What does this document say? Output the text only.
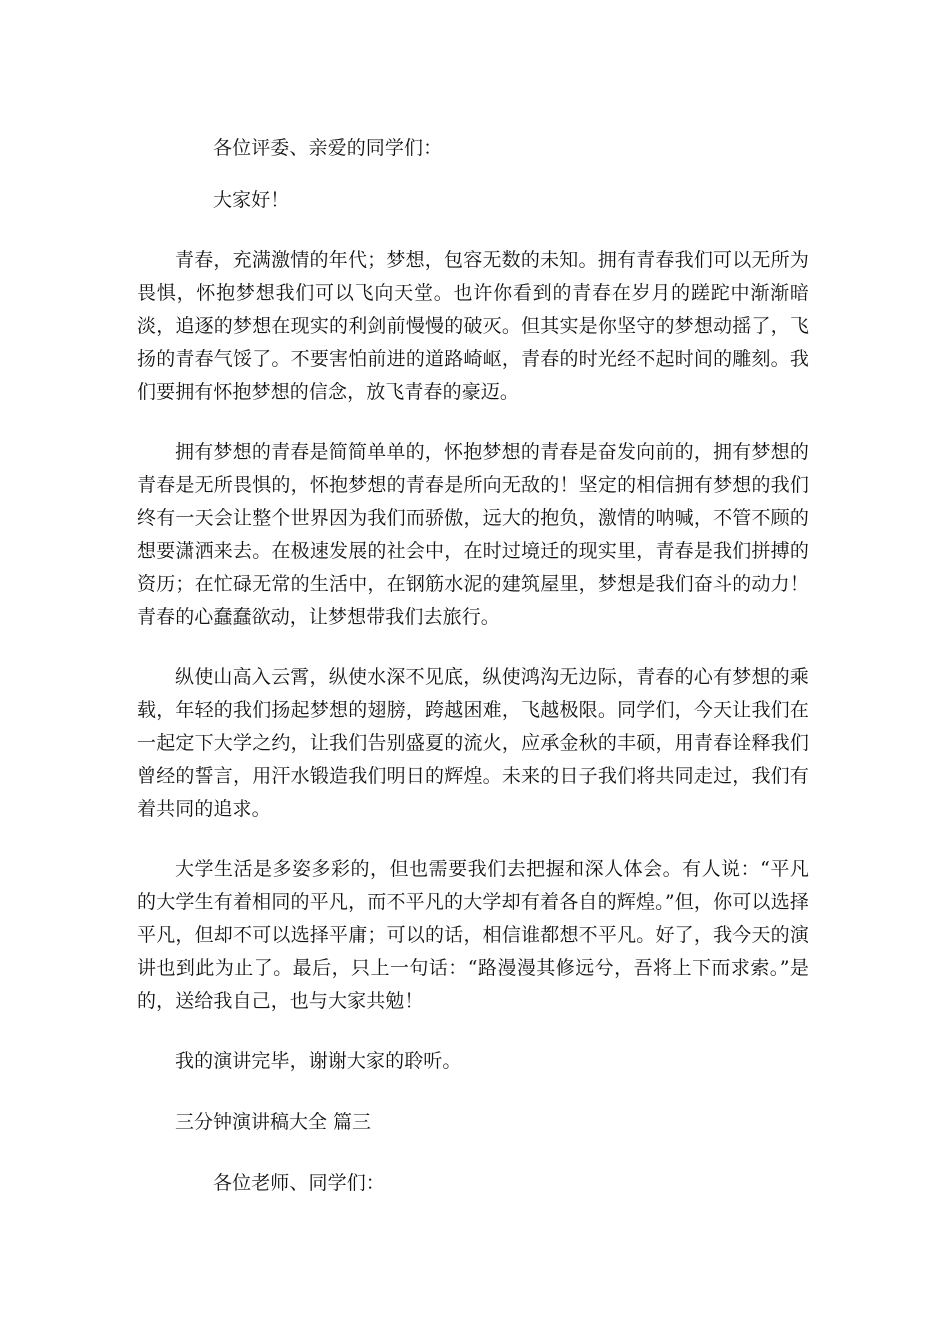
各位评委、亲爱的同学们：

大家好！

青春，充满激情的年代；梦想，包容无数的未知。拥有青春我们可以无所为畏惧，怀抱梦想我们可以飞向天堂。也许你看到的青春在岁月的蹉跎中渐渐暗淡，追逐的梦想在现实的利剑前慢慢的破灭。但其实是你坚守的梦想动摇了，飞扬的青春气馁了。不要害怕前进的道路崎岖，青春的时光经不起时间的雕刻。我们要拥有怀抱梦想的信念，放飞青春的豪迈。

拥有梦想的青春是简简单单的，怀抱梦想的青春是奋发向前的，拥有梦想的青春是无所畏惧的，怀抱梦想的青春是所向无敌的！坚定的相信拥有梦想的我们终有一天会让整个世界因为我们而骄傲，远大的抱负，激情的呐喊，不管不顾的想要潇洒来去。在极速发展的社会中，在时过境迁的现实里，青春是我们拼搏的资历；在忙碌无常的生活中，在钢筋水泥的建筑屋里，梦想是我们奋斗的动力！青春的心蠢蠢欲动，让梦想带我们去旅行。

纵使山高入云霄，纵使水深不见底，纵使鸿沟无边际，青春的心有梦想的乘载，年轻的我们扬起梦想的翅膀，跨越困难，飞越极限。同学们，今天让我们在一起定下大学之约，让我们告别盛夏的流火，应承金秋的丰硕，用青春诠释我们曾经的誓言，用汗水锻造我们明日的辉煌。未来的日子我们将共同走过，我们有着共同的追求。

大学生活是多姿多彩的，但也需要我们去把握和深人体会。有人说：“平凡的大学生有着相同的平凡，而不平凡的大学却有着各自的辉煌。”但，你可以选择平凡，但却不可以选择平庸；可以的话，相信谁都想不平凡。好了，我今天的演讲也到此为止了。最后，只上一句话：“路漫漫其修远兮，吾将上下而求索。”是的，送给我自己，也与大家共勉！

我的演讲完毕，谢谢大家的聆听。

三分钟演讲稿大全 篇三

各位老师、同学们：
